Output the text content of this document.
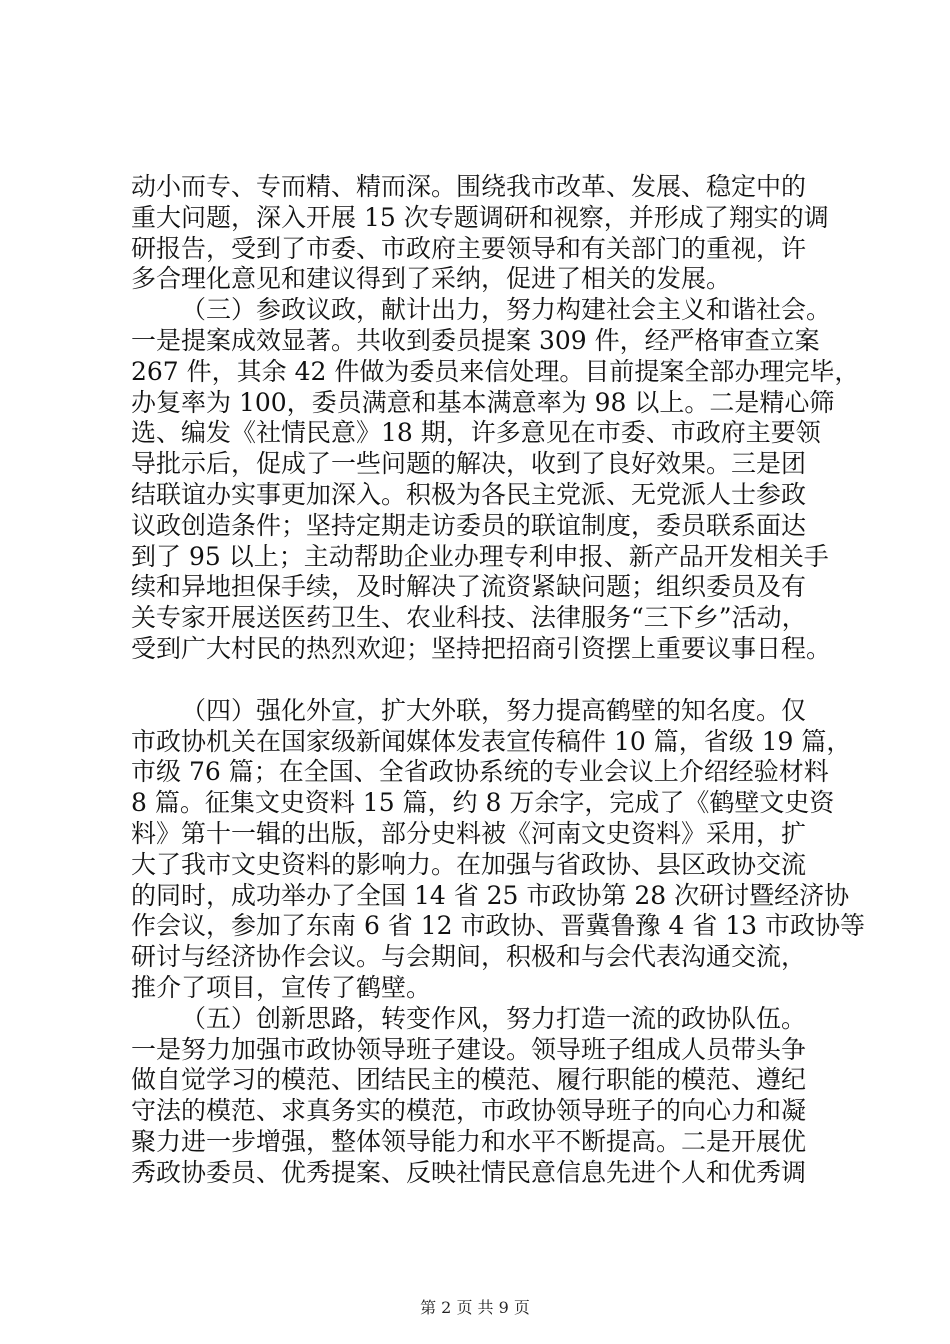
动小而专、专而精、精而深。围绕我市改革、发展、稳定中的
重大问题，深入开展 15 次专题调研和视察，并形成了翔实的调
研报告，受到了市委、市政府主要领导和有关部门的重视，许
多合理化意见和建议得到了采纳，促进了相关的发展。
（三）参政议政，献计出力，努力构建社会主义和谐社会。
一是提案成效显著。共收到委员提案 309 件，经严格审查立案
267 件，其余 42 件做为委员来信处理。目前提案全部办理完毕，
办复率为 100，委员满意和基本满意率为 98 以上。二是精心筛
选、编发《社情民意》18 期，许多意见在市委、市政府主要领
导批示后，促成了一些问题的解决，收到了良好效果。三是团
结联谊办实事更加深入。积极为各民主党派、无党派人士参政
议政创造条件；坚持定期走访委员的联谊制度，委员联系面达
到了 95 以上；主动帮助企业办理专利申报、新产品开发相关手
续和异地担保手续，及时解决了流资紧缺问题；组织委员及有
关专家开展送医药卫生、农业科技、法律服务“三下乡”活动，
受到广大村民的热烈欢迎；坚持把招商引资摆上重要议事日程。
（四）强化外宣，扩大外联，努力提高鹤壁的知名度。仅
市政协机关在国家级新闻媒体发表宣传稿件 10 篇，省级 19 篇，
市级 76 篇；在全国、全省政协系统的专业会议上介绍经验材料
8 篇。征集文史资料 15 篇，约 8 万余字，完成了《鹤壁文史资
料》第十一辑的出版，部分史料被《河南文史资料》采用，扩
大了我市文史资料的影响力。在加强与省政协、县区政协交流
的同时，成功举办了全国 14 省 25 市政协第 28 次研讨暨经济协
作会议，参加了东南 6 省 12 市政协、晋冀鲁豫 4 省 13 市政协等
研讨与经济协作会议。与会期间，积极和与会代表沟通交流，
推介了项目，宣传了鹤壁。
（五）创新思路，转变作风，努力打造一流的政协队伍。
一是努力加强市政协领导班子建设。领导班子组成人员带头争
做自觉学习的模范、团结民主的模范、履行职能的模范、遵纪
守法的模范、求真务实的模范，市政协领导班子的向心力和凝
聚力进一步增强，整体领导能力和水平不断提高。二是开展优
秀政协委员、优秀提案、反映社情民意信息先进个人和优秀调
第 2 页 共 9 页
